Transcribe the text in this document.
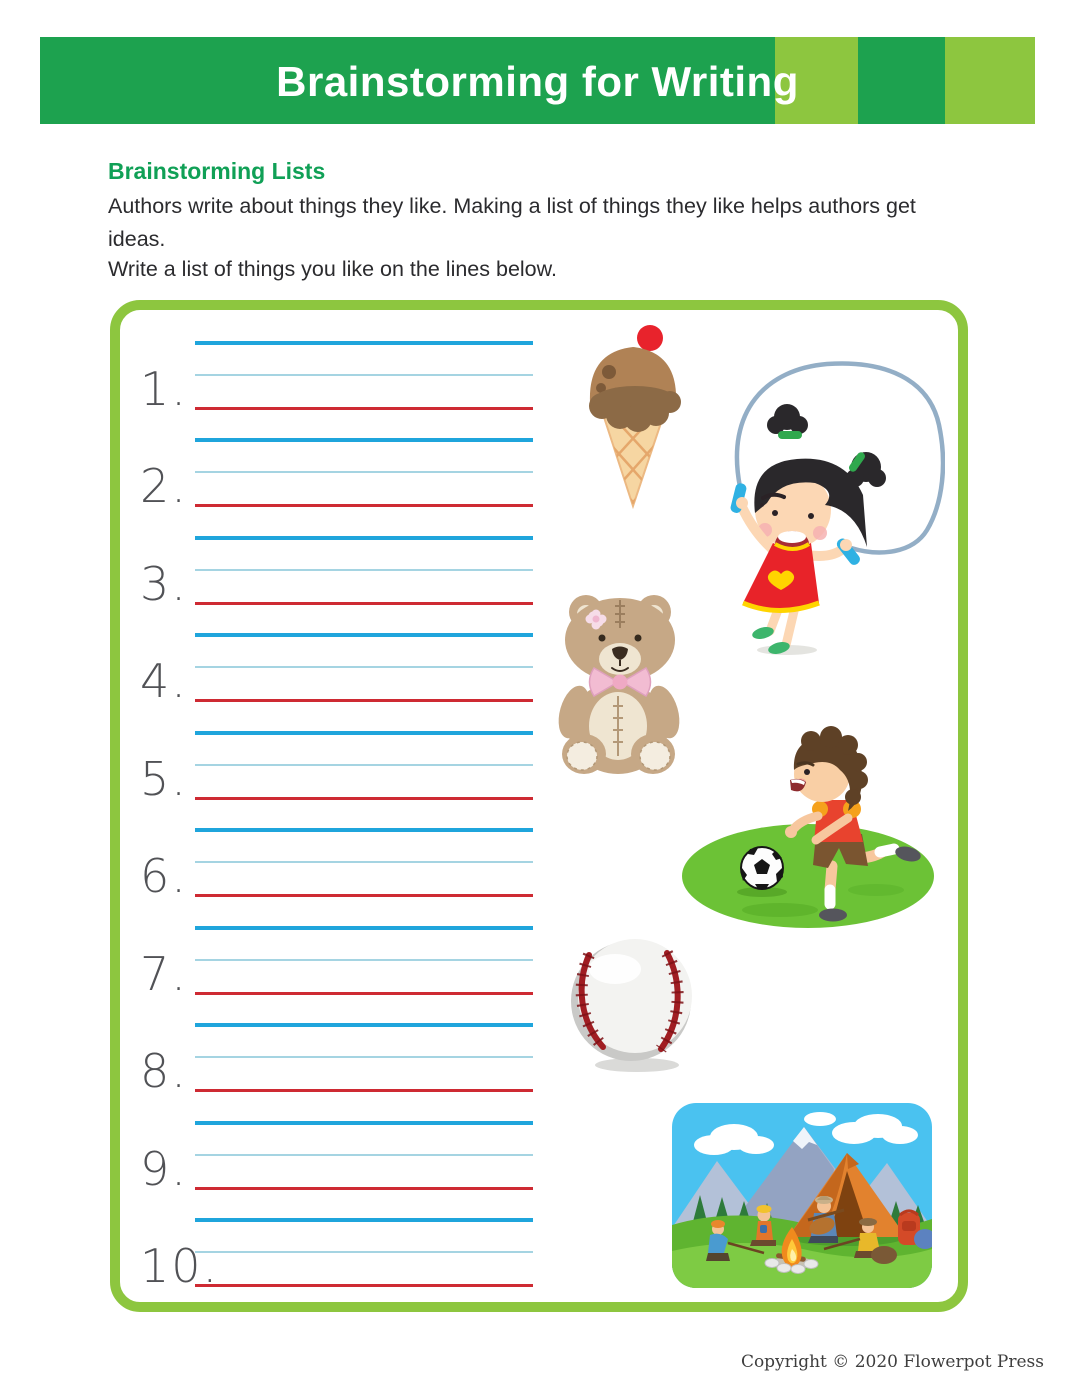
Brainstorming for Writing
Brainstorming Lists

Authors write about things they like. Making a list of things they like helps authors get ideas.

Write a list of things you like on the lines below.

1.
2.
3.
4.
5.
6.
7.
8.
9.
10.
Copyright © 2020 Flowerpot Press
